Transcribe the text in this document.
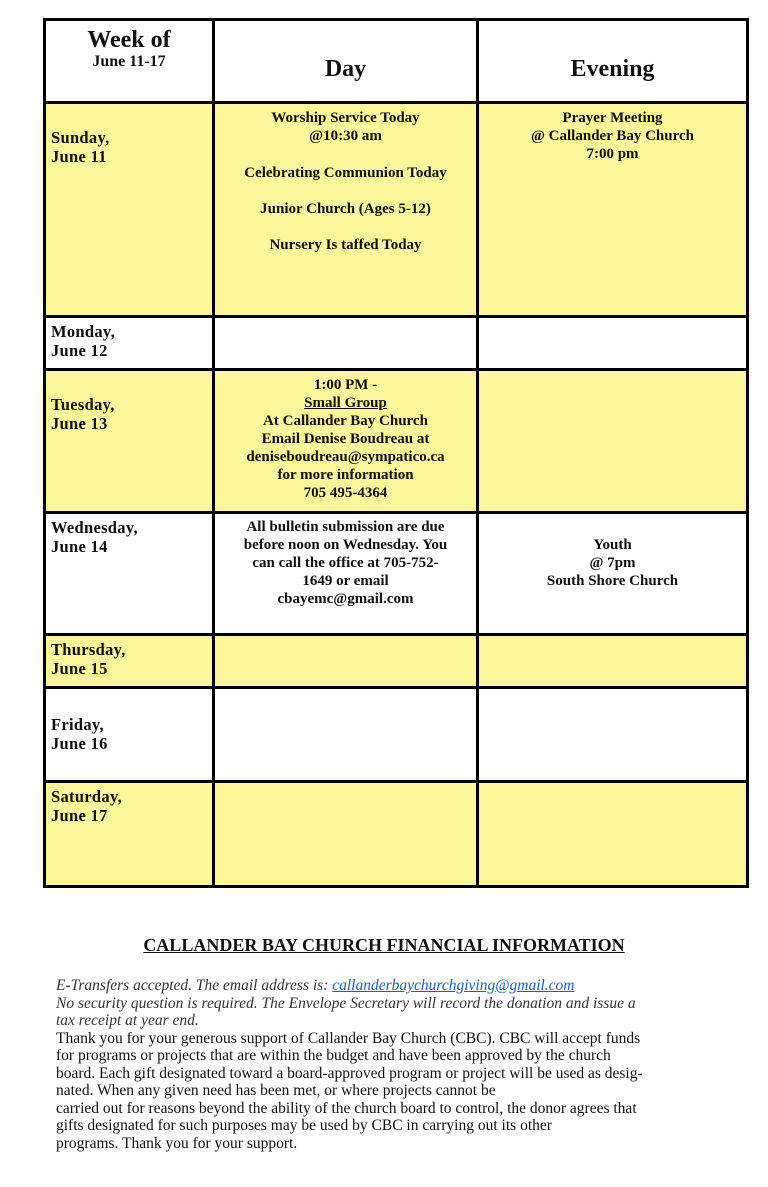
Week of
June 11-17	Day	Evening
Sunday,
June 11
Worship Service Today
@10:30 am
Celebrating Communion Today
Junior Church (Ages 5-12)
Nursery Is taffed Today
Prayer Meeting
@ Callander Bay Church
7:00 pm
Monday,
June 12
Tuesday,
June 13
1:00 PM -
Small Group
At Callander Bay Church
Email Denise Boudreau at
deniseboudreau@sympatico.ca
for more information
705 495-4364
Wednesday,
June 14
All bulletin submission are due
before noon on Wednesday. You
can call the office at 705-752-
1649 or email
cbayemc@gmail.com
Youth
@ 7pm
South Shore Church
Thursday,
June 15
Friday,
June 16
Saturday,
June 17
CALLANDER BAY CHURCH FINANCIAL INFORMATION

E-Transfers accepted. The email address is: callanderbaychurchgiving@gmail.com

No security question is required. The Envelope Secretary will record the donation and issue a

tax receipt at year end.

Thank you for your generous support of Callander Bay Church (CBC). CBC will accept funds

for programs or projects that are within the budget and have been approved by the church

board. Each gift designated toward a board-approved program or project will be used as desig-

nated. When any given need has been met, or where projects cannot be

carried out for reasons beyond the ability of the church board to control, the donor agrees that

gifts designated for such purposes may be used by CBC in carrying out its other

programs. Thank you for your support.
